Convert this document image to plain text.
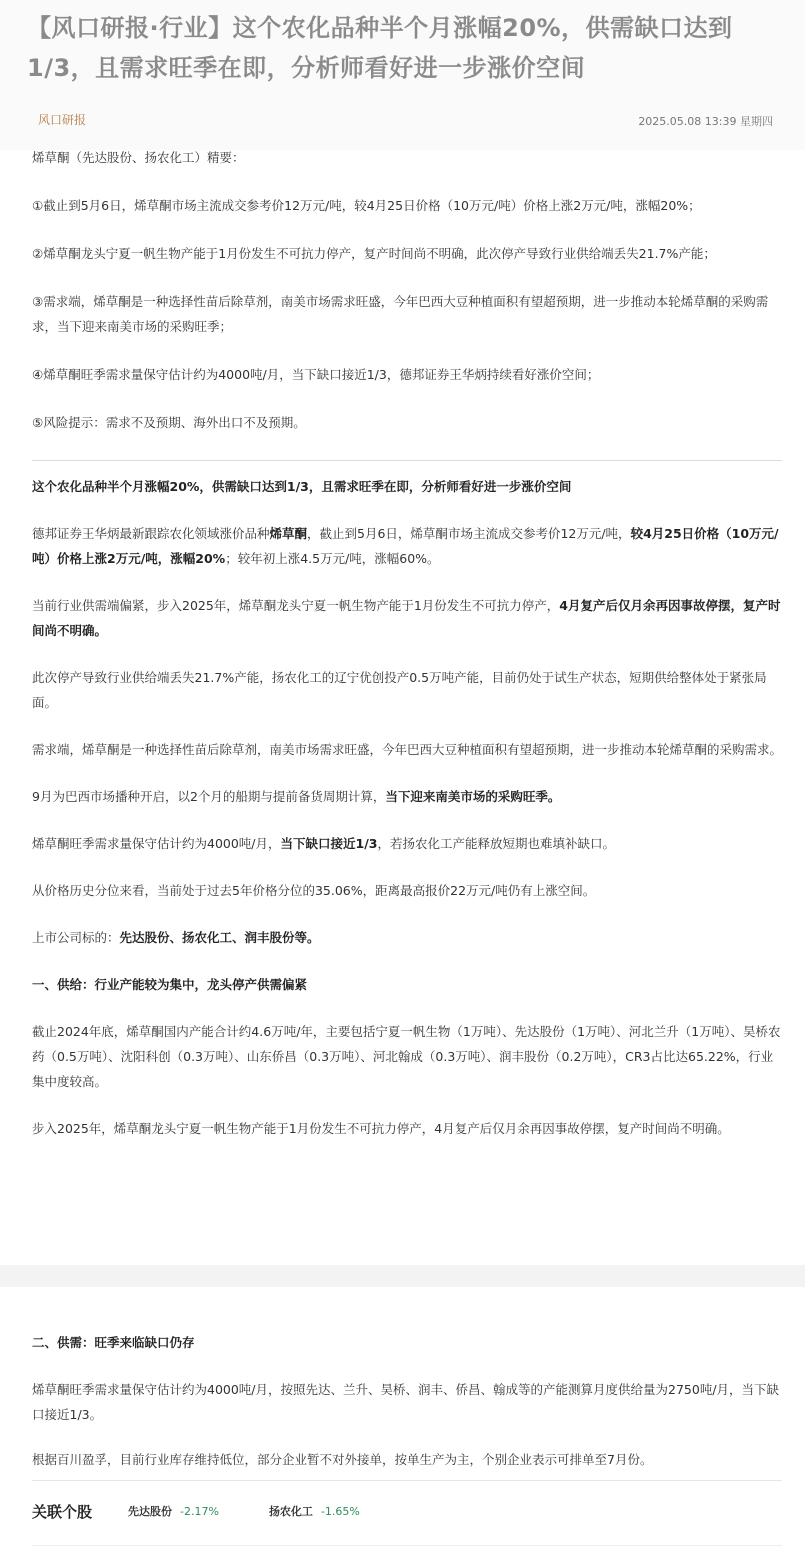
【风口研报·行业】这个农化品种半个月涨幅20%，供需缺口达到1/3，且需求旺季在即，分析师看好进一步涨价空间
风口研报	2025.05.08 13:39 星期四

烯草酮（先达股份、扬农化工）精要：

①截止到5月6日，烯草酮市场主流成交参考价12万元/吨，较4月25日价格（10万元/吨）价格上涨2万元/吨，涨幅20%；

②烯草酮龙头宁夏一帆生物产能于1月份发生不可抗力停产，复产时间尚不明确，此次停产导致行业供给端丢失21.7%产能；

③需求端，烯草酮是一种选择性苗后除草剂，南美市场需求旺盛，今年巴西大豆种植面积有望超预期，进一步推动本轮烯草酮的采购需求，当下迎来南美市场的采购旺季；

④烯草酮旺季需求量保守估计约为4000吨/月，当下缺口接近1/3，德邦证券王华炳持续看好涨价空间；

⑤风险提示：需求不及预期、海外出口不及预期。

这个农化品种半个月涨幅20%，供需缺口达到1/3，且需求旺季在即，分析师看好进一步涨价空间

德邦证券王华炳最新跟踪农化领域涨价品种烯草酮，截止到5月6日，烯草酮市场主流成交参考价12万元/吨，较4月25日价格（10万元/吨）价格上涨2万元/吨，涨幅20%；较年初上涨4.5万元/吨，涨幅60%。

当前行业供需端偏紧，步入2025年，烯草酮龙头宁夏一帆生物产能于1月份发生不可抗力停产，4月复产后仅月余再因事故停摆，复产时间尚不明确。

此次停产导致行业供给端丢失21.7%产能，扬农化工的辽宁优创投产0.5万吨产能，目前仍处于试生产状态，短期供给整体处于紧张局面。

需求端，烯草酮是一种选择性苗后除草剂，南美市场需求旺盛，今年巴西大豆种植面积有望超预期，进一步推动本轮烯草酮的采购需求。

9月为巴西市场播种开启，以2个月的船期与提前备货周期计算，当下迎来南美市场的采购旺季。

烯草酮旺季需求量保守估计约为4000吨/月，当下缺口接近1/3，若扬农化工产能释放短期也难填补缺口。

从价格历史分位来看，当前处于过去5年价格分位的35.06%，距离最高报价22万元/吨仍有上涨空间。

上市公司标的：先达股份、扬农化工、润丰股份等。

一、供给：行业产能较为集中，龙头停产供需偏紧

截止2024年底，烯草酮国内产能合计约4.6万吨/年，主要包括宁夏一帆生物（1万吨）、先达股份（1万吨）、河北兰升（1万吨）、昊桥农药（0.5万吨）、沈阳科创（0.3万吨）、山东侨昌（0.3万吨）、河北翰成（0.3万吨）、润丰股份（0.2万吨），CR3占比达65.22%，行业集中度较高。

步入2025年，烯草酮龙头宁夏一帆生物产能于1月份发生不可抗力停产，4月复产后仅月余再因事故停摆，复产时间尚不明确。

二、供需：旺季来临缺口仍存

烯草酮旺季需求量保守估计约为4000吨/月，按照先达、兰升、昊桥、润丰、侨昌、翰成等的产能测算月度供给量为2750吨/月，当下缺口接近1/3。

根据百川盈孚，目前行业库存维持低位，部分企业暂不对外接单，按单生产为主，个别企业表示可排单至7月份。

关联个股	先达股份 -2.17%	扬农化工 -1.65%
